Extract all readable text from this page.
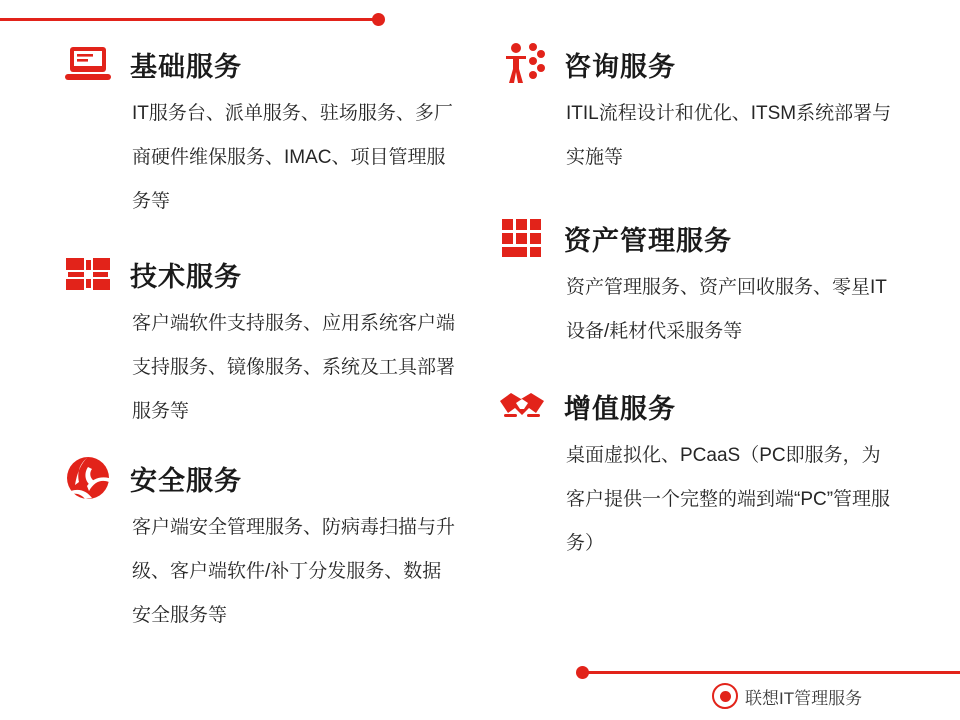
基础服务
IT服务台、派单服务、驻场服务、多厂商硬件维保服务、IMAC、项目管理服务等
技术服务
客户端软件支持服务、应用系统客户端支持服务、镜像服务、系统及工具部署服务等
安全服务
客户端安全管理服务、防病毒扫描与升级、客户端软件/补丁分发服务、数据安全服务等
咨询服务
ITIL流程设计和优化、ITSM系统部署与实施等
资产管理服务
资产管理服务、资产回收服务、零星IT设备/耗材代采服务等
增值服务
桌面虚拟化、PCaaS（PC即服务，为客户提供一个完整的端到端“PC”管理服务）
联想IT管理服务
